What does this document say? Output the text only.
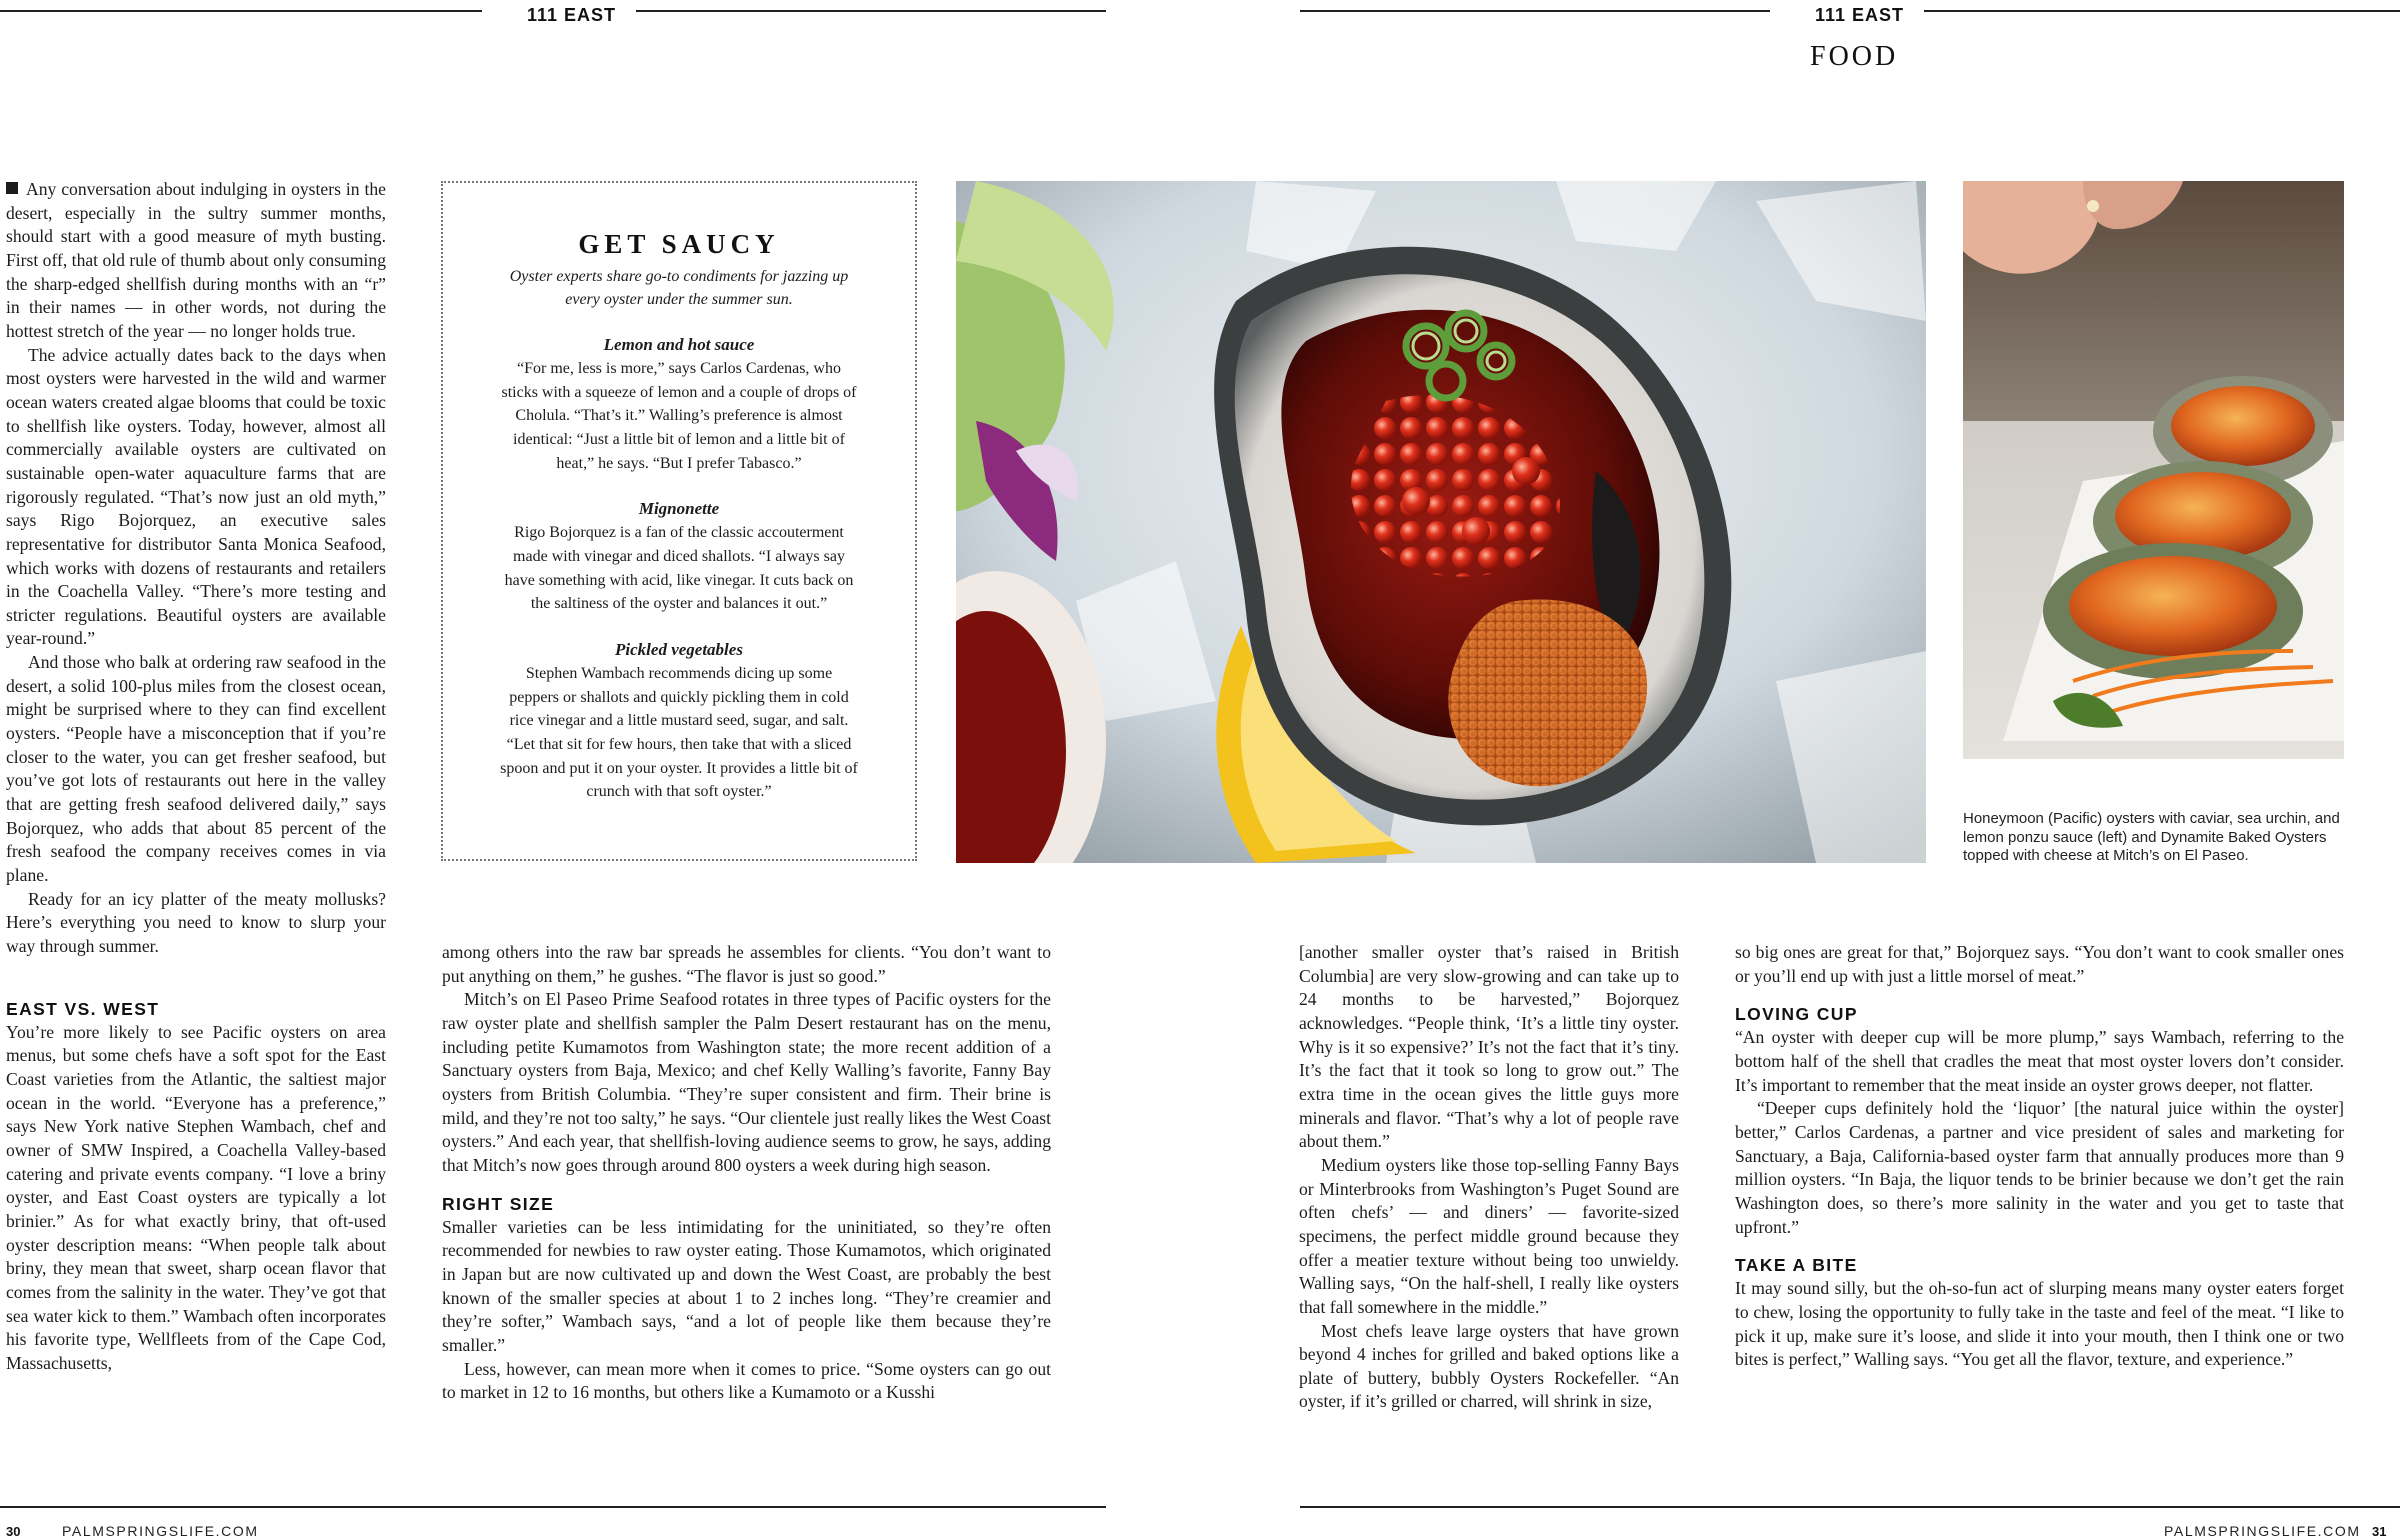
111 EAST	111 EAST
FOOD

Any conversation about indulging in oysters in the desert, especially in the sultry summer months, should start with a good measure of myth busting. First off, that old rule of thumb about only consuming the sharp-edged shellfish during months with an “r” in their names — in other words, not during the hottest stretch of the year — no longer holds true.

The advice actually dates back to the days when most oysters were harvested in the wild and warmer ocean waters created algae blooms that could be toxic to shellfish like oysters. Today, however, almost all commercially available oysters are cultivated on sustainable open-water aquaculture farms that are rigorously regulated. “That’s now just an old myth,” says Rigo Bojorquez, an executive sales representative for distributor Santa Monica Seafood, which works with dozens of restaurants and retailers in the Coachella Valley. “There’s more testing and stricter regulations. Beautiful oysters are available year-round.”

And those who balk at ordering raw seafood in the desert, a solid 100-plus miles from the closest ocean, might be surprised where to they can find excellent oysters. “People have a misconception that if you’re closer to the water, you can get fresher seafood, but you’ve got lots of restaurants out here in the valley that are getting fresh seafood delivered daily,” says Bojorquez, who adds that about 85 percent of the fresh seafood the company receives comes in via plane.

Ready for an icy platter of the meaty mollusks? Here’s everything you need to know to slurp your way through summer.

EAST VS. WEST

You’re more likely to see Pacific oysters on area menus, but some chefs have a soft spot for the East Coast varieties from the Atlantic, the saltiest major ocean in the world. “Everyone has a preference,” says New York native Stephen Wambach, chef and owner of SMW Inspired, a Coachella Valley-based catering and private events company. “I love a briny oyster, and East Coast oysters are typically a lot brinier.” As for what exactly briny, that oft-used oyster description means: “When people talk about briny, they mean that sweet, sharp ocean flavor that comes from the salinity in the water. They’ve got that sea water kick to them.” Wambach often incorporates his favorite type, Wellfleets from of the Cape Cod, Massachusetts,

GET SAUCY
Oyster experts share go-to condiments for jazzing up every oyster under the summer sun.
Lemon and hot sauce
“For me, less is more,” says Carlos Cardenas, who sticks with a squeeze of lemon and a couple of drops of Cholula. “That’s it.” Walling’s preference is almost identical: “Just a little bit of lemon and a little bit of heat,” he says. “But I prefer Tabasco.”
Mignonette
Rigo Bojorquez is a fan of the classic accouterment made with vinegar and diced shallots. “I always say have something with acid, like vinegar. It cuts back on the saltiness of the oyster and balances it out.”
Pickled vegetables
Stephen Wambach recommends dicing up some peppers or shallots and quickly pickling them in cold rice vinegar and a little mustard seed, sugar, and salt. “Let that sit for few hours, then take that with a sliced spoon and put it on your oyster. It provides a little bit of crunch with that soft oyster.”
Honeymoon (Pacific) oysters with caviar, sea urchin, and lemon ponzu sauce (left) and Dynamite Baked Oysters topped with cheese at Mitch’s on El Paseo.

among others into the raw bar spreads he assembles for clients. “You don’t want to put anything on them,” he gushes. “The flavor is just so good.”

Mitch’s on El Paseo Prime Seafood rotates in three types of Pacific oysters for the raw oyster plate and shellfish sampler the Palm Desert restaurant has on the menu, including petite Kumamotos from Washington state; the more recent addition of a Sanctuary oysters from Baja, Mexico; and chef Kelly Walling’s favorite, Fanny Bay oysters from British Columbia. “They’re super consistent and firm. Their brine is mild, and they’re not too salty,” he says. “Our clientele just really likes the West Coast oysters.” And each year, that shellfish-loving audience seems to grow, he says, adding that Mitch’s now goes through around 800 oysters a week during high season.

RIGHT SIZE

Smaller varieties can be less intimidating for the uninitiated, so they’re often recommended for newbies to raw oyster eating. Those Kumamotos, which originated in Japan but are now cultivated up and down the West Coast, are probably the best known of the smaller species at about 1 to 2 inches long. “They’re creamier and they’re softer,” Wambach says, “and a lot of people like them because they’re smaller.”

Less, however, can mean more when it comes to price. “Some oysters can go out to market in 12 to 16 months, but others like a Kumamoto or a Kusshi

[another smaller oyster that’s raised in British Columbia] are very slow-growing and can take up to 24 months to be harvested,” Bojorquez acknowledges. “People think, ‘It’s a little tiny oyster. Why is it so expensive?’ It’s not the fact that it’s tiny. It’s the fact that it took so long to grow out.” The extra time in the ocean gives the little guys more minerals and flavor. “That’s why a lot of people rave about them.”

Medium oysters like those top-selling Fanny Bays or Minterbrooks from Washington’s Puget Sound are often chefs’ — and diners’ — favorite-sized specimens, the perfect middle ground because they offer a meatier texture without being too unwieldy. Walling says, “On the half-shell, I really like oysters that fall somewhere in the middle.”

Most chefs leave large oysters that have grown beyond 4 inches for grilled and baked options like a plate of buttery, bubbly Oysters Rockefeller. “An oyster, if it’s grilled or charred, will shrink in size,

so big ones are great for that,” Bojorquez says. “You don’t want to cook smaller ones or you’ll end up with just a little morsel of meat.”

LOVING CUP

“An oyster with deeper cup will be more plump,” says Wambach, referring to the bottom half of the shell that cradles the meat that most oyster lovers don’t consider. It’s important to remember that the meat inside an oyster grows deeper, not flatter.

“Deeper cups definitely hold the ‘liquor’ [the natural juice within the oyster] better,” Carlos Cardenas, a partner and vice president of sales and marketing for Sanctuary, a Baja, California-based oyster farm that annually produces more than 9 million oysters. “In Baja, the liquor tends to be brinier because we don’t get the rain Washington does, so there’s more salinity in the water and you get to taste that upfront.”

TAKE A BITE

It may sound silly, but the oh-so-fun act of slurping means many oyster eaters forget to chew, losing the opportunity to fully take in the taste and feel of the meat. “I like to pick it up, make sure it’s loose, and slide it into your mouth, then I think one or two bites is perfect,” Walling says. “You get all the flavor, texture, and experience.”

30	PALMSPRINGSLIFE.COM	PALMSPRINGSLIFE.COM 31
